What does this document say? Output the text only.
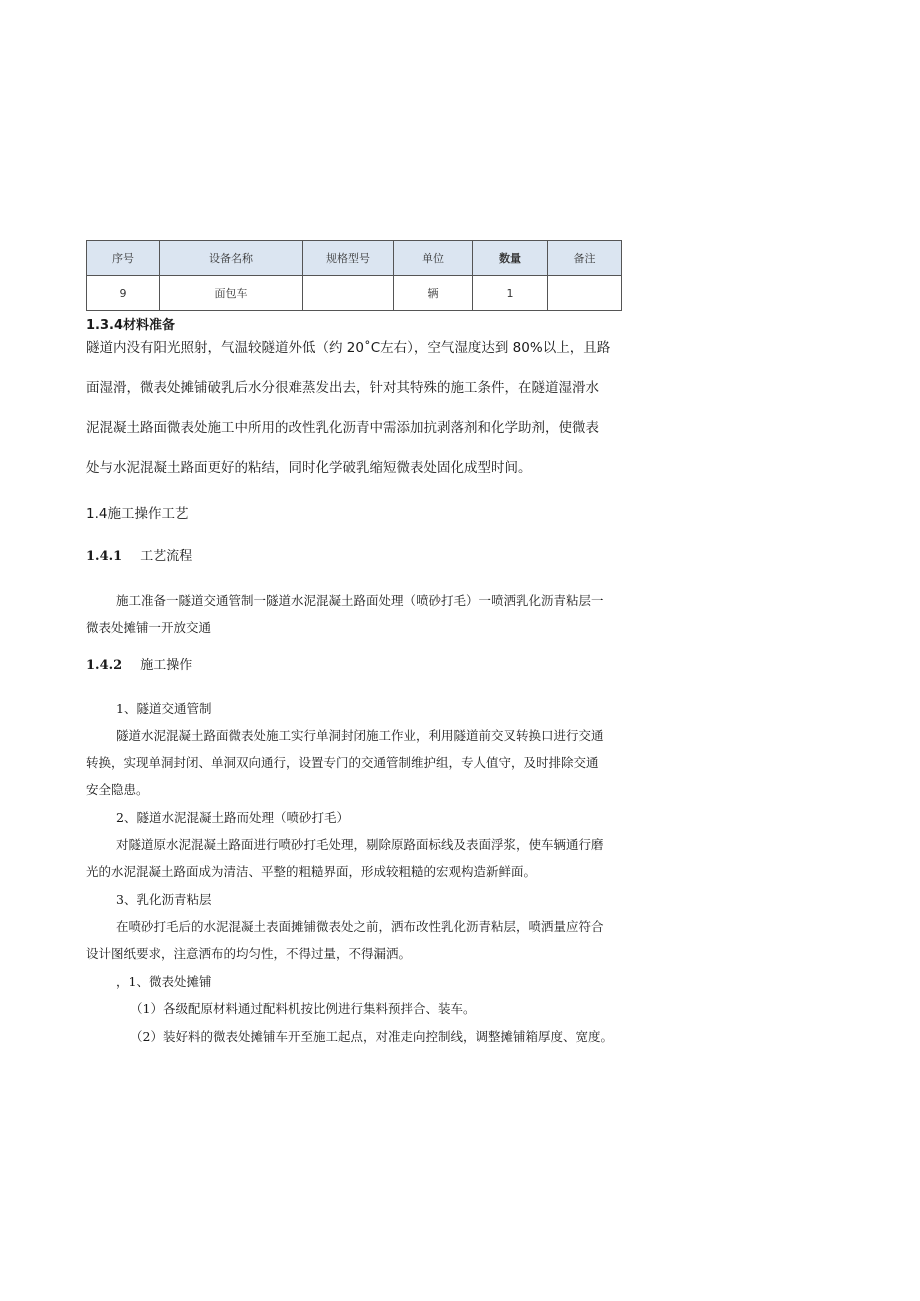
序号	设备名称	规格型号	单位	数量	备注
9	面包车		辆	1	
1.3.4材料准备
隧道内没有阳光照射，气温较隧道外低（约 20˚C左右），空气湿度达到 80%以上，且路
面湿滑，微表处摊铺破乳后水分很难蒸发出去，针对其特殊的施工条件，在隧道湿滑水
泥混凝土路面微表处施工中所用的改性乳化沥青中需添加抗剥落剂和化学助剂，使微表
处与水泥混凝土路面更好的粘结，同时化学破乳缩短微表处固化成型时间。
1.4施工操作工艺
1.4.1 工艺流程
施工准备一隧道交通管制一隧道水泥混凝土路面处理（喷砂打毛）一喷洒乳化沥青粘层一
微表处摊铺一开放交通
1.4.2 施工操作
1、隧道交通管制
隧道水泥混凝土路面微表处施工实行单洞封闭施工作业，利用隧道前交叉转换口进行交通
转换，实现单洞封闭、单洞双向通行，设置专门的交通管制维护组，专人值守，及时排除交通
安全隐患。
2、隧道水泥混凝土路而处理（喷砂打毛）
对隧道原水泥混凝土路面进行喷砂打毛处理，剔除原路面标线及表面浮浆，使车辆通行磨
光的水泥混凝土路面成为清洁、平整的粗糙界面，形成较粗糙的宏观构造新鲜面。
3、乳化沥青粘层
在喷砂打毛后的水泥混凝土表面摊铺微表处之前，洒布改性乳化沥青粘层，喷洒量应符合
设计图纸要求，注意洒布的均匀性，不得过量，不得漏洒。
，1、微表处摊铺
（1）各级配原材料通过配料机按比例进行集料预拌合、装车。
（2）装好料的微表处摊铺车开至施工起点，对准走向控制线，调整摊铺箱厚度、宽度。
